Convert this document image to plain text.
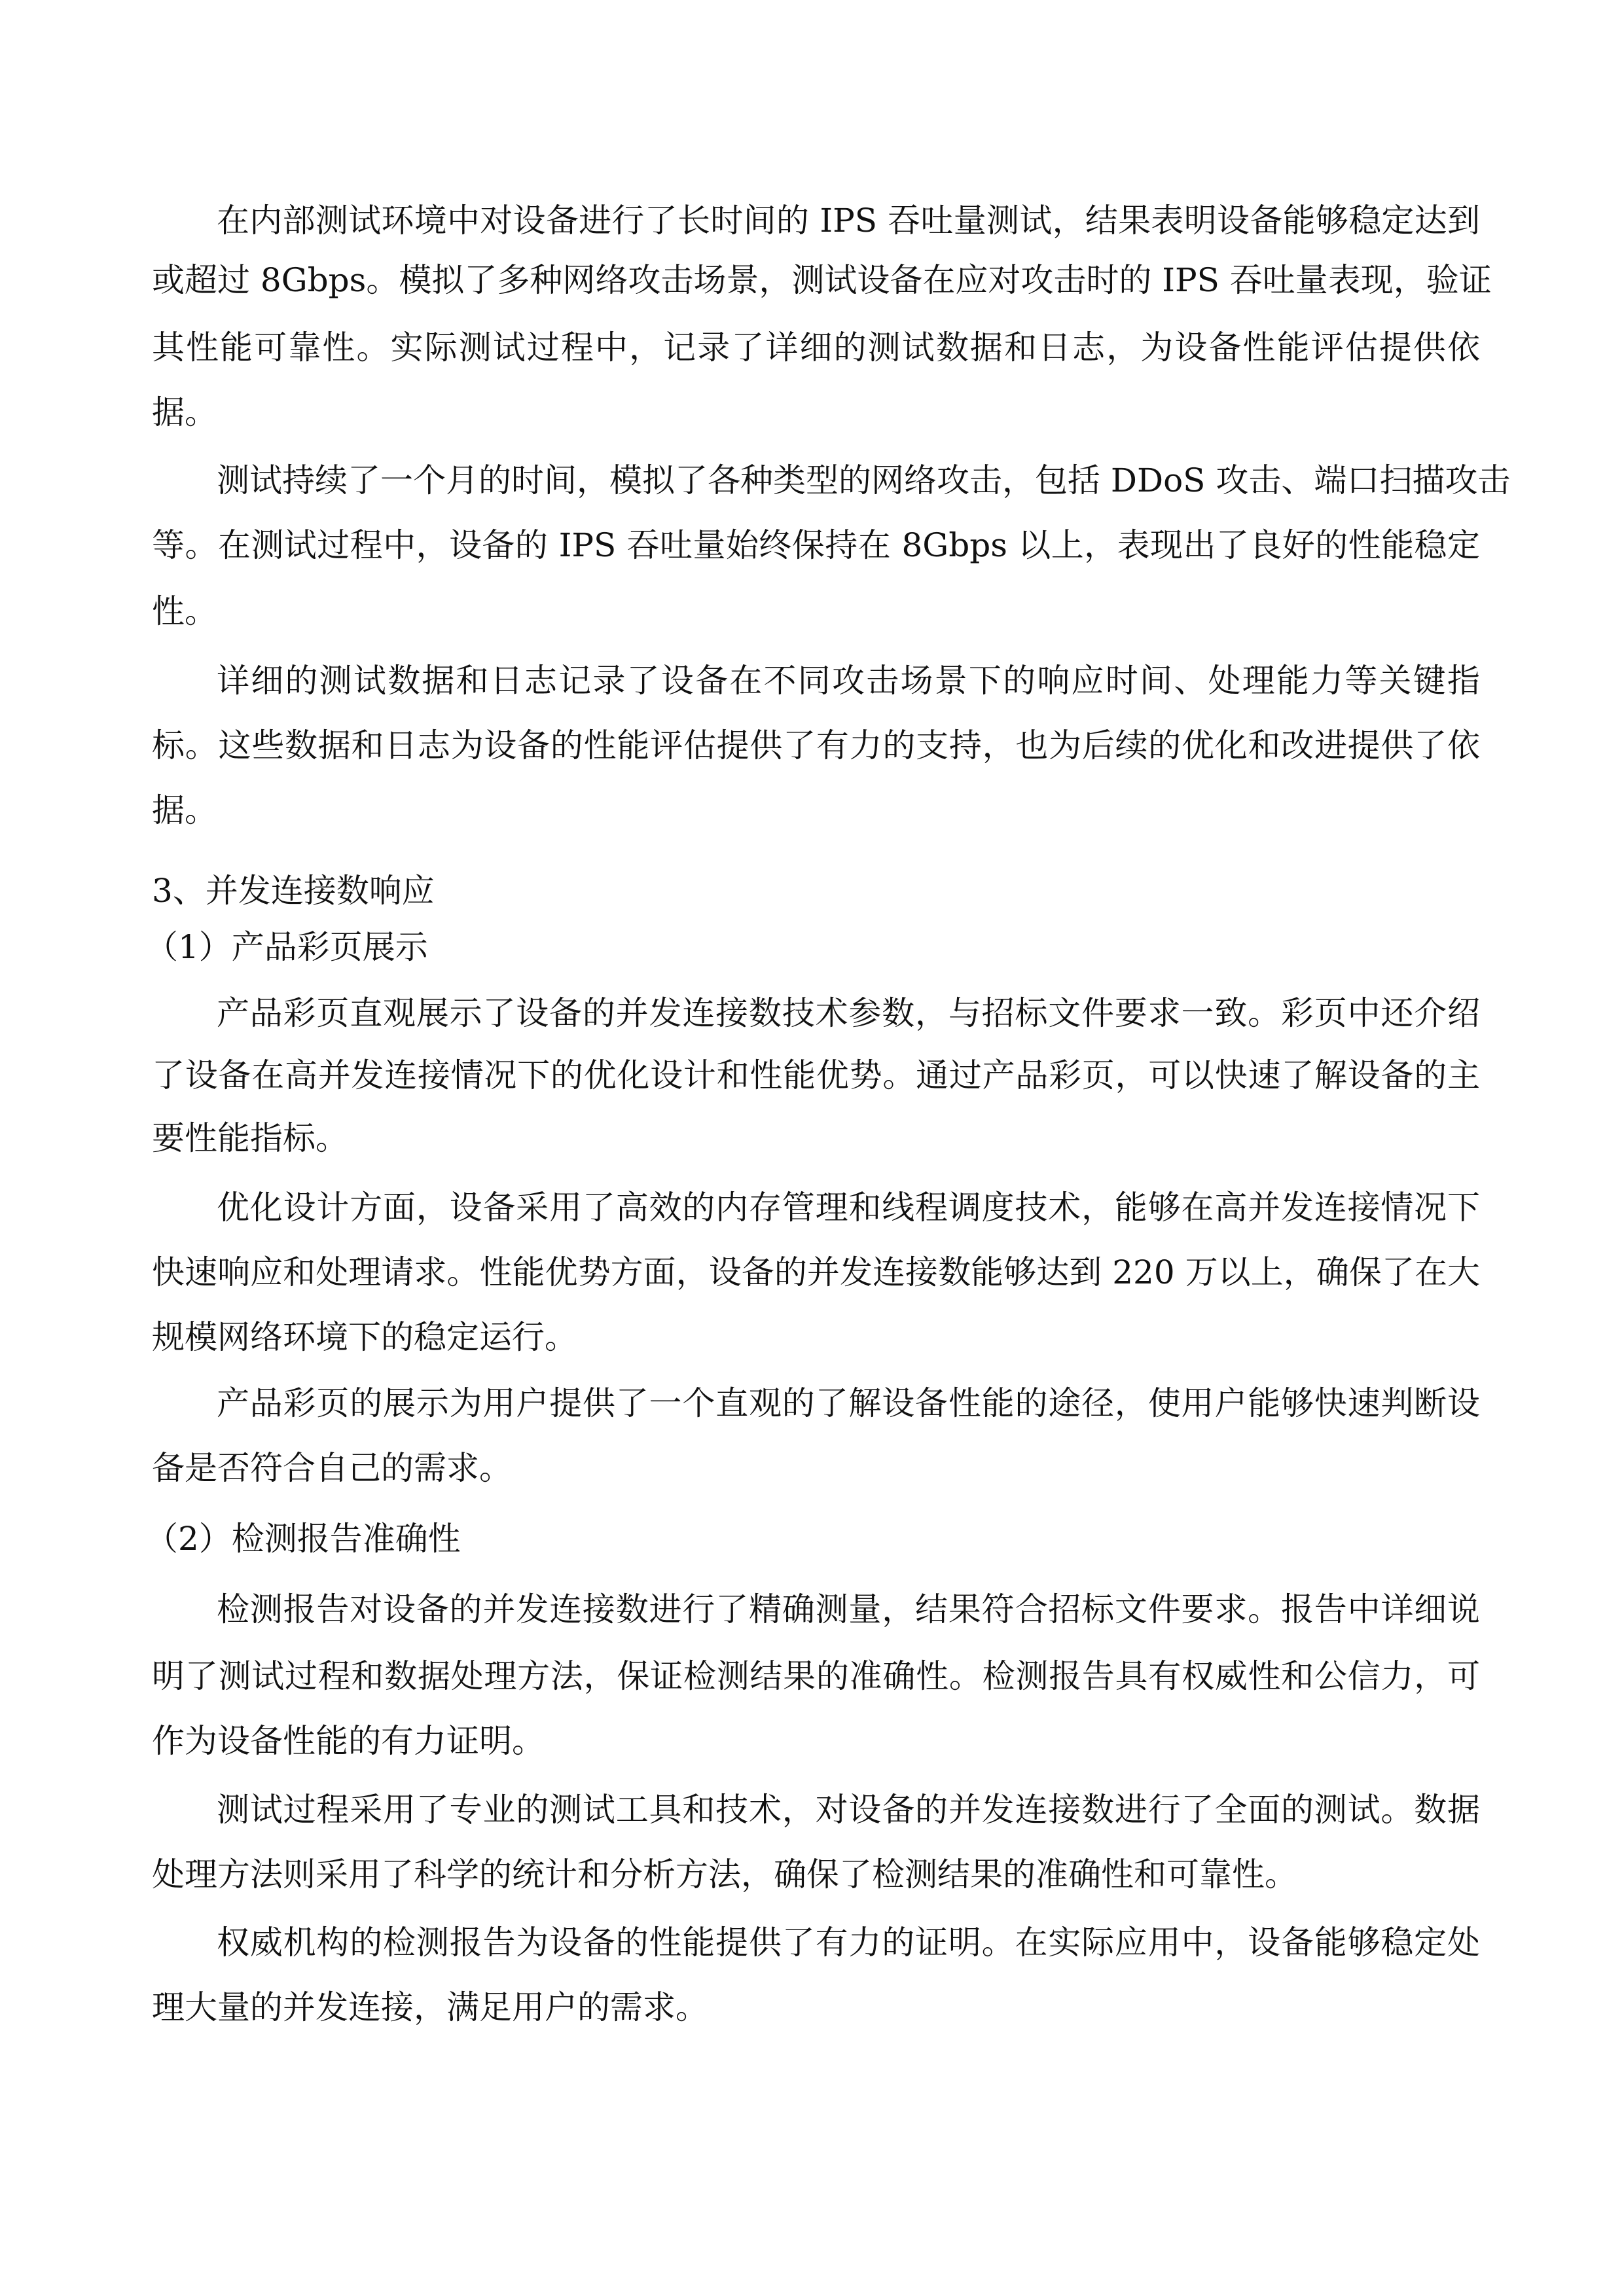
在内部测试环境中对设备进行了长时间的 IPS 吞吐量测试，结果表明设备能够稳定达到
或超过 8Gbps。模拟了多种网络攻击场景，测试设备在应对攻击时的 IPS 吞吐量表现，验证
其性能可靠性。实际测试过程中，记录了详细的测试数据和日志，为设备性能评估提供依
据。
测试持续了一个月的时间，模拟了各种类型的网络攻击，包括 DDoS 攻击、端口扫描攻击
等。在测试过程中，设备的 IPS 吞吐量始终保持在 8Gbps 以上，表现出了良好的性能稳定
性。
详细的测试数据和日志记录了设备在不同攻击场景下的响应时间、处理能力等关键指
标。这些数据和日志为设备的性能评估提供了有力的支持，也为后续的优化和改进提供了依
据。
3、并发连接数响应
（1）产品彩页展示
产品彩页直观展示了设备的并发连接数技术参数，与招标文件要求一致。彩页中还介绍
了设备在高并发连接情况下的优化设计和性能优势。通过产品彩页，可以快速了解设备的主
要性能指标。
优化设计方面，设备采用了高效的内存管理和线程调度技术，能够在高并发连接情况下
快速响应和处理请求。性能优势方面，设备的并发连接数能够达到 220 万以上，确保了在大
规模网络环境下的稳定运行。
产品彩页的展示为用户提供了一个直观的了解设备性能的途径，使用户能够快速判断设
备是否符合自己的需求。
（2）检测报告准确性
检测报告对设备的并发连接数进行了精确测量，结果符合招标文件要求。报告中详细说
明了测试过程和数据处理方法，保证检测结果的准确性。检测报告具有权威性和公信力，可
作为设备性能的有力证明。
测试过程采用了专业的测试工具和技术，对设备的并发连接数进行了全面的测试。数据
处理方法则采用了科学的统计和分析方法，确保了检测结果的准确性和可靠性。
权威机构的检测报告为设备的性能提供了有力的证明。在实际应用中，设备能够稳定处
理大量的并发连接，满足用户的需求。
